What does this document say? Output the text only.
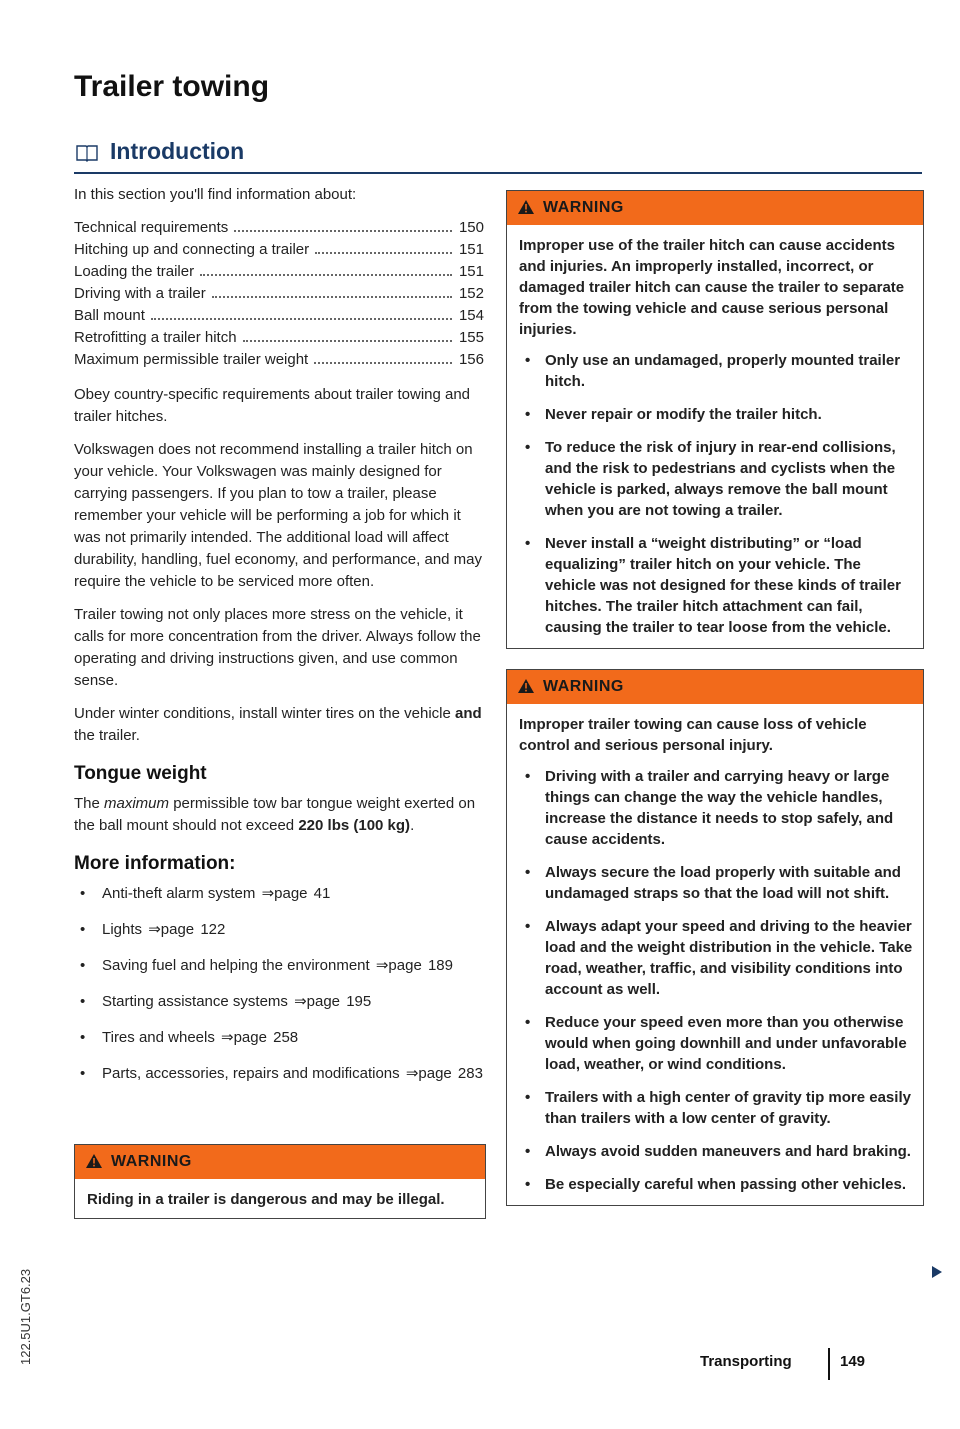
Trailer towing
Introduction

In this section you'll find information about:

Technical requirements	150
Hitching up and connecting a trailer	151
Loading the trailer	151
Driving with a trailer	152
Ball mount	154
Retrofitting a trailer hitch	155
Maximum permissible trailer weight	156

Obey country-specific requirements about trailer towing and trailer hitches.

Volkswagen does not recommend installing a trailer hitch on your vehicle. Your Volkswagen was mainly designed for carrying passengers. If you plan to tow a trailer, please remember your vehicle will be performing a job for which it was not primarily intended. The additional load will affect durability, handling, fuel economy, and performance, and may require the vehicle to be serviced more often.

Trailer towing not only places more stress on the vehicle, it calls for more concentration from the driver. Always follow the operating and driving instructions given, and use common sense.

Under winter conditions, install winter tires on the vehicle and the trailer.

Tongue weight

The maximum permissible tow bar tongue weight exerted on the ball mount should not exceed 220 lbs (100 kg).

More information:
• Anti-theft alarm system ⇒page 41
• Lights ⇒page 122
• Saving fuel and helping the environment ⇒page 189
• Starting assistance systems ⇒page 195
• Tires and wheels ⇒page 258
• Parts, accessories, repairs and modifications ⇒page 283
WARNING

Riding in a trailer is dangerous and may be illegal.

WARNING

Improper use of the trailer hitch can cause accidents and injuries. An improperly installed, incorrect, or damaged trailer hitch can cause the trailer to separate from the towing vehicle and cause serious personal injuries.

• Only use an undamaged, properly mounted trailer hitch.
• Never repair or modify the trailer hitch.
• To reduce the risk of injury in rear-end collisions, and the risk to pedestrians and cyclists when the vehicle is parked, always remove the ball mount when you are not towing a trailer.
• Never install a “weight distributing” or “load equalizing” trailer hitch on your vehicle. The vehicle was not designed for these kinds of trailer hitches. The trailer hitch attachment can fail, causing the trailer to tear loose from the vehicle.
WARNING

Improper trailer towing can cause loss of vehicle control and serious personal injury.

• Driving with a trailer and carrying heavy or large things can change the way the vehicle handles, increase the distance it needs to stop safely, and cause accidents.
• Always secure the load properly with suitable and undamaged straps so that the load will not shift.
• Always adapt your speed and driving to the heavier load and the weight distribution in the vehicle. Take road, weather, traffic, and visibility conditions into account as well.
• Reduce your speed even more than you otherwise would when going downhill and under unfavorable load, weather, or wind conditions.
• Trailers with a high center of gravity tip more easily than trailers with a low center of gravity.
• Always avoid sudden maneuvers and hard braking.
• Be especially careful when passing other vehicles.
122.5U1.GT6.23	Transporting	149
